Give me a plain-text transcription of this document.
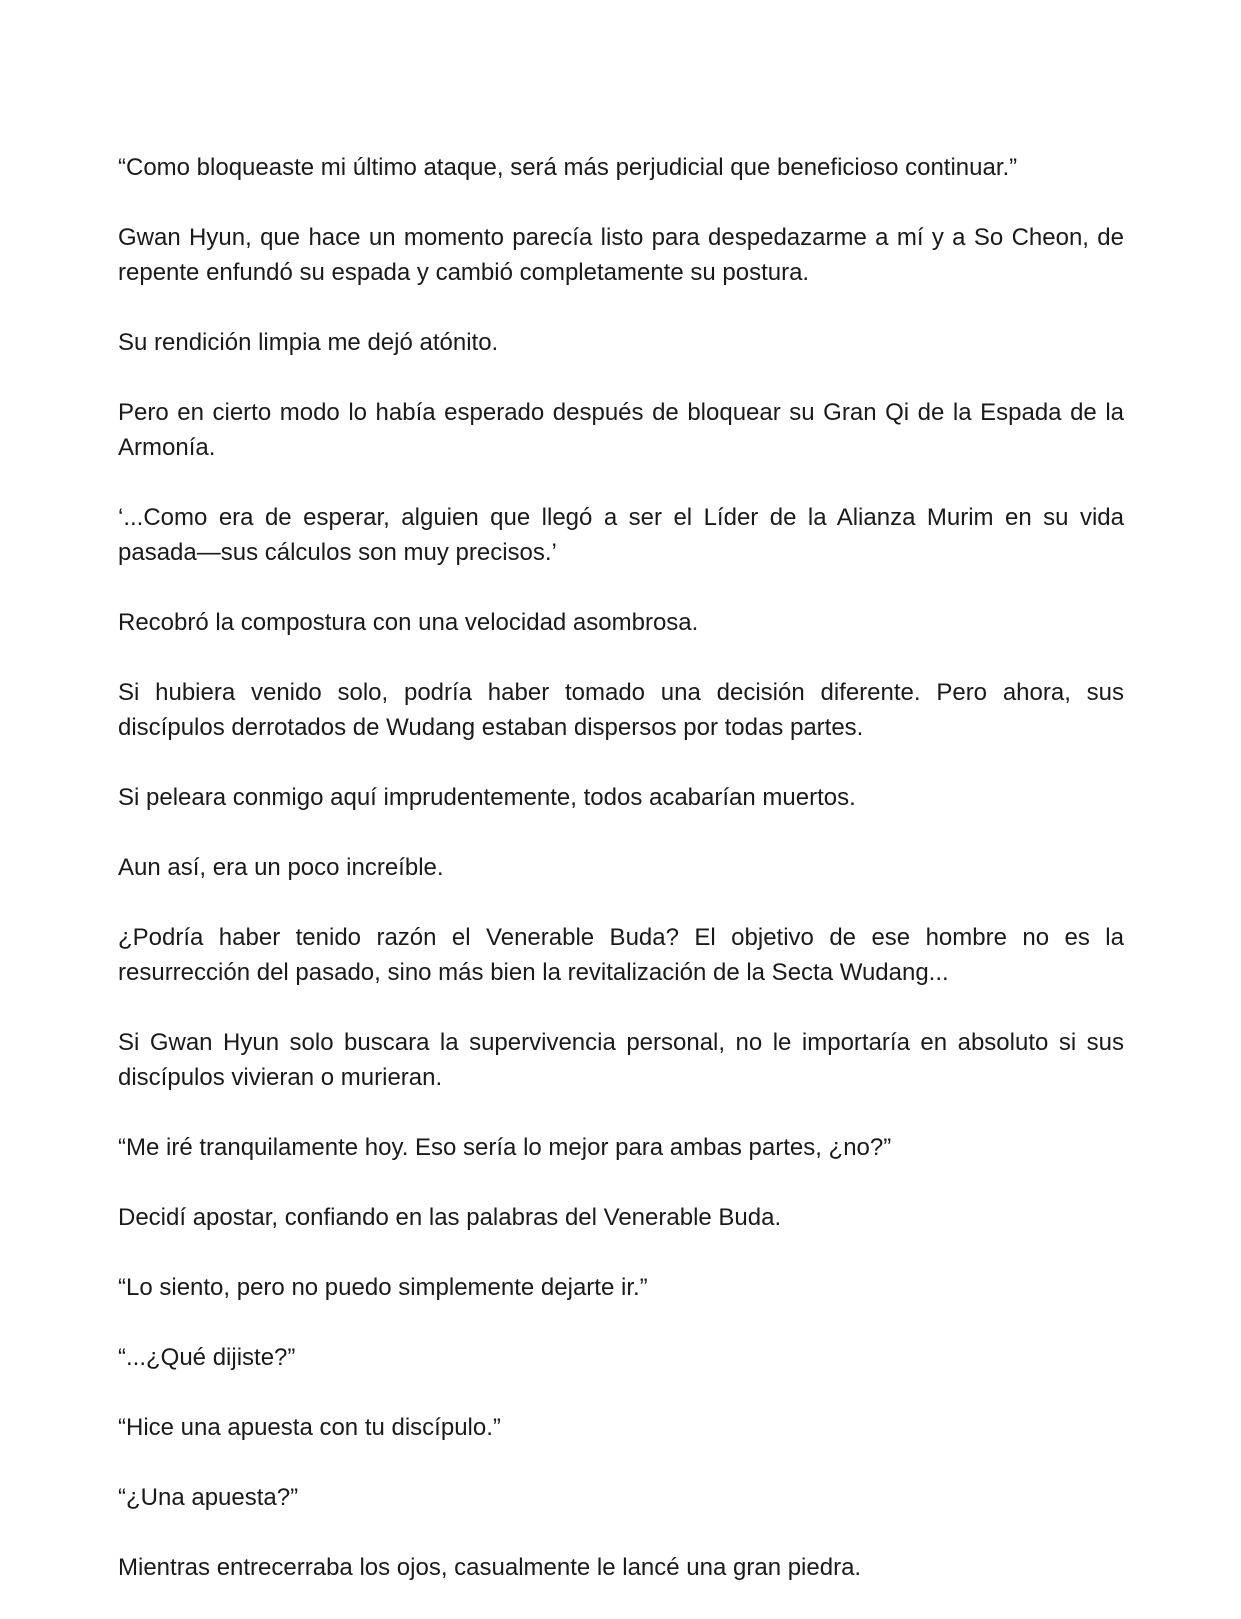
“Como bloqueaste mi último ataque, será más perjudicial que beneficioso continuar.”

Gwan Hyun, que hace un momento parecía listo para despedazarme a mí y a So Cheon, de repente enfundó su espada y cambió completamente su postura.

Su rendición limpia me dejó atónito.

Pero en cierto modo lo había esperado después de bloquear su Gran Qi de la Espada de la Armonía.

‘...Como era de esperar, alguien que llegó a ser el Líder de la Alianza Murim en su vida pasada—sus cálculos son muy precisos.’

Recobró la compostura con una velocidad asombrosa.

Si hubiera venido solo, podría haber tomado una decisión diferente. Pero ahora, sus discípulos derrotados de Wudang estaban dispersos por todas partes.

Si peleara conmigo aquí imprudentemente, todos acabarían muertos.

Aun así, era un poco increíble.

¿Podría haber tenido razón el Venerable Buda? El objetivo de ese hombre no es la resurrección del pasado, sino más bien la revitalización de la Secta Wudang...

Si Gwan Hyun solo buscara la supervivencia personal, no le importaría en absoluto si sus discípulos vivieran o murieran.

“Me iré tranquilamente hoy. Eso sería lo mejor para ambas partes, ¿no?”

Decidí apostar, confiando en las palabras del Venerable Buda.

“Lo siento, pero no puedo simplemente dejarte ir.”

“...¿Qué dijiste?”

“Hice una apuesta con tu discípulo.”

“¿Una apuesta?”

Mientras entrecerraba los ojos, casualmente le lancé una gran piedra.
